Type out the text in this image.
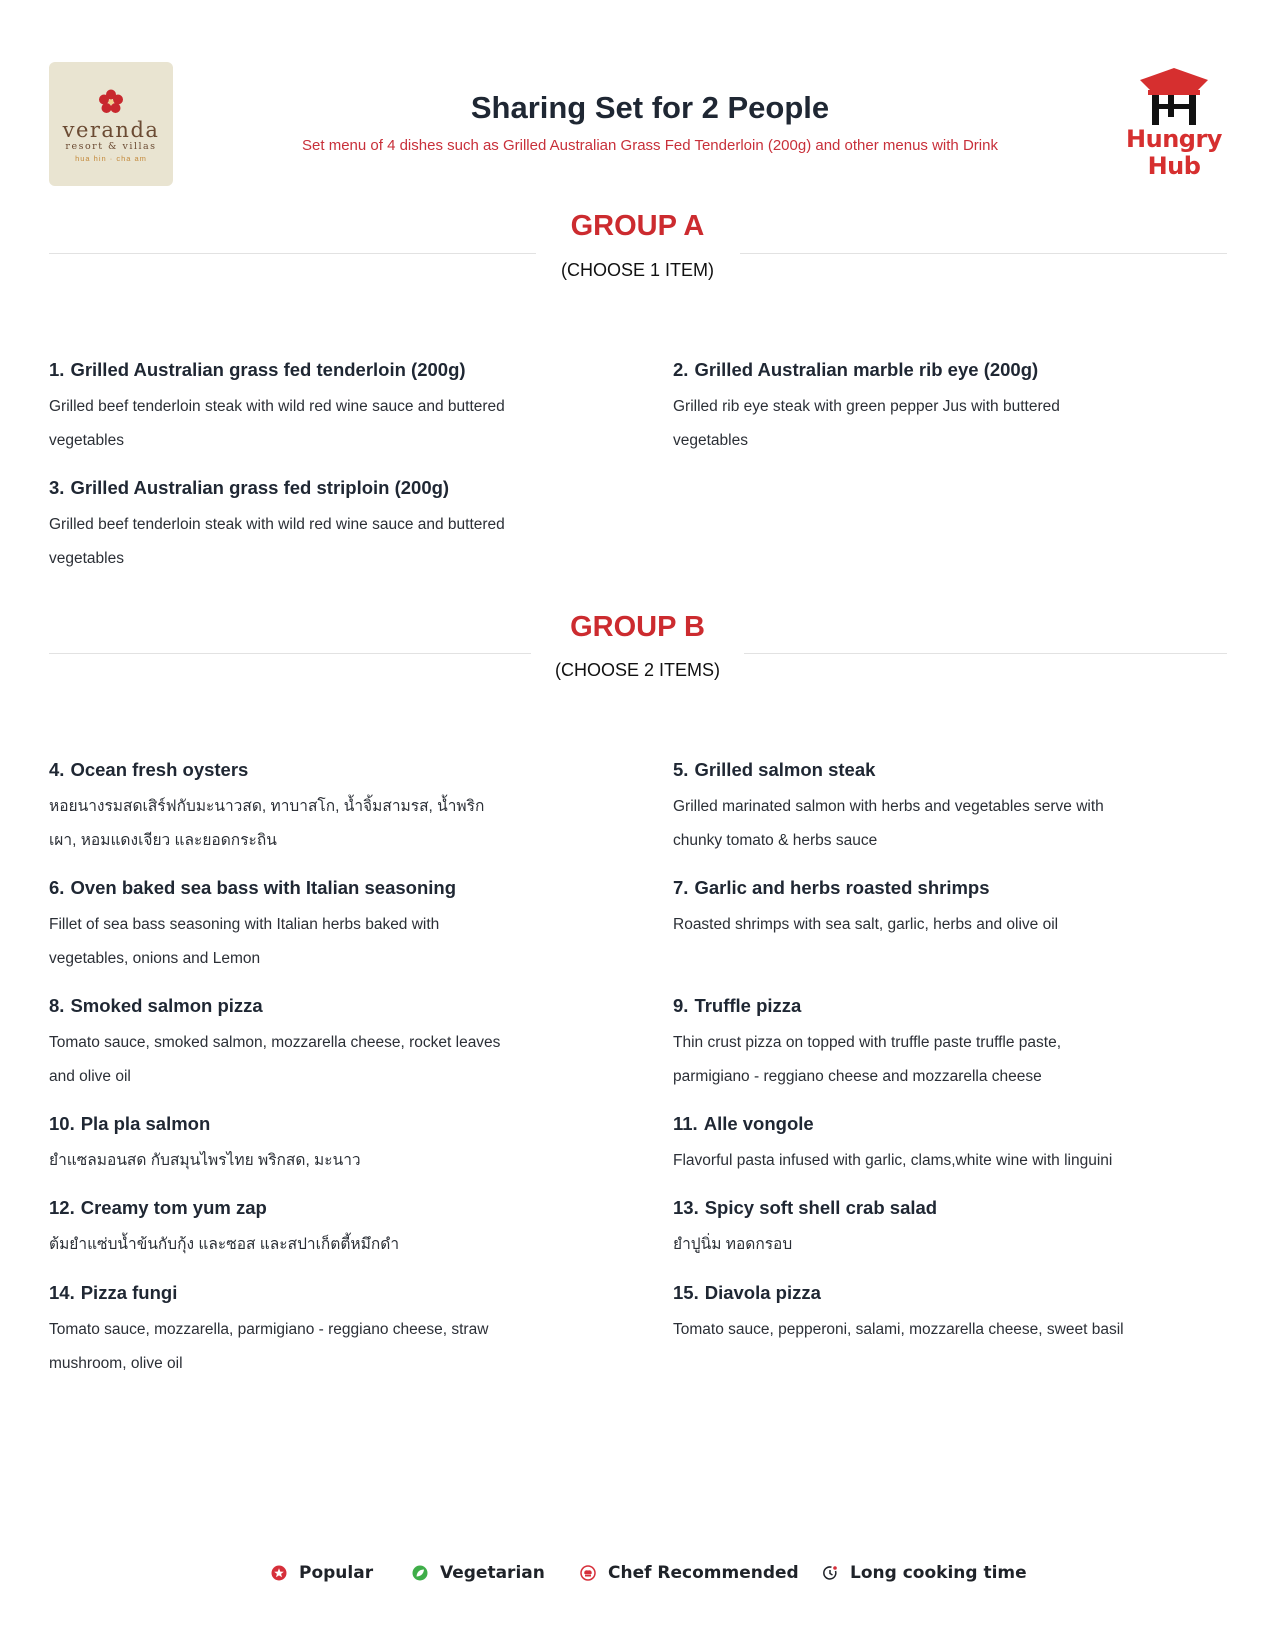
veranda
resort & villas
hua hin · cha am
Sharing Set for 2 People
Set menu of 4 dishes such as Grilled Australian Grass Fed Tenderloin (200g) and other menus with Drink	Hungry
Hub
GROUP A
(CHOOSE 1 ITEM)
1. Grilled Australian grass fed tenderloin (200g)
Grilled beef tenderloin steak with wild red wine sauce and buttered vegetables
2. Grilled Australian marble rib eye (200g)
Grilled rib eye steak with green pepper Jus with buttered vegetables
3. Grilled Australian grass fed striploin (200g)
Grilled beef tenderloin steak with wild red wine sauce and buttered vegetables
GROUP B
(CHOOSE 2 ITEMS)
4. Ocean fresh oysters
หอยนางรมสดเสิร์ฟกับมะนาวสด, ทาบาสโก, น้ำจิ้มสามรส, น้ำพริกเผา, หอมแดงเจียว และยอดกระถิน
5. Grilled salmon steak
Grilled marinated salmon with herbs and vegetables serve with chunky tomato & herbs sauce
6. Oven baked sea bass with Italian seasoning
Fillet of sea bass seasoning with Italian herbs baked with vegetables, onions and Lemon
7. Garlic and herbs roasted shrimps
Roasted shrimps with sea salt, garlic, herbs and olive oil
8. Smoked salmon pizza
Tomato sauce, smoked salmon, mozzarella cheese, rocket leaves and olive oil
9. Truffle pizza
Thin crust pizza on topped with truffle paste truffle paste, parmigiano - reggiano cheese and mozzarella cheese
10. Pla pla salmon
ยำแซลมอนสด กับสมุนไพรไทย พริกสด, มะนาว
11. Alle vongole
Flavorful pasta infused with garlic, clams,white wine with linguini
12. Creamy tom yum zap
ต้มยำแซ่บน้ำข้นกับกุ้ง และซอส และสปาเก็ตตี้หมึกดำ
13. Spicy soft shell crab salad
ยำปูนิ่ม ทอดกรอบ
14. Pizza fungi
Tomato sauce, mozzarella, parmigiano - reggiano cheese, straw mushroom, olive oil
15. Diavola pizza
Tomato sauce, pepperoni, salami, mozzarella cheese, sweet basil
Popular	Vegetarian	Chef Recommended	Long cooking time
